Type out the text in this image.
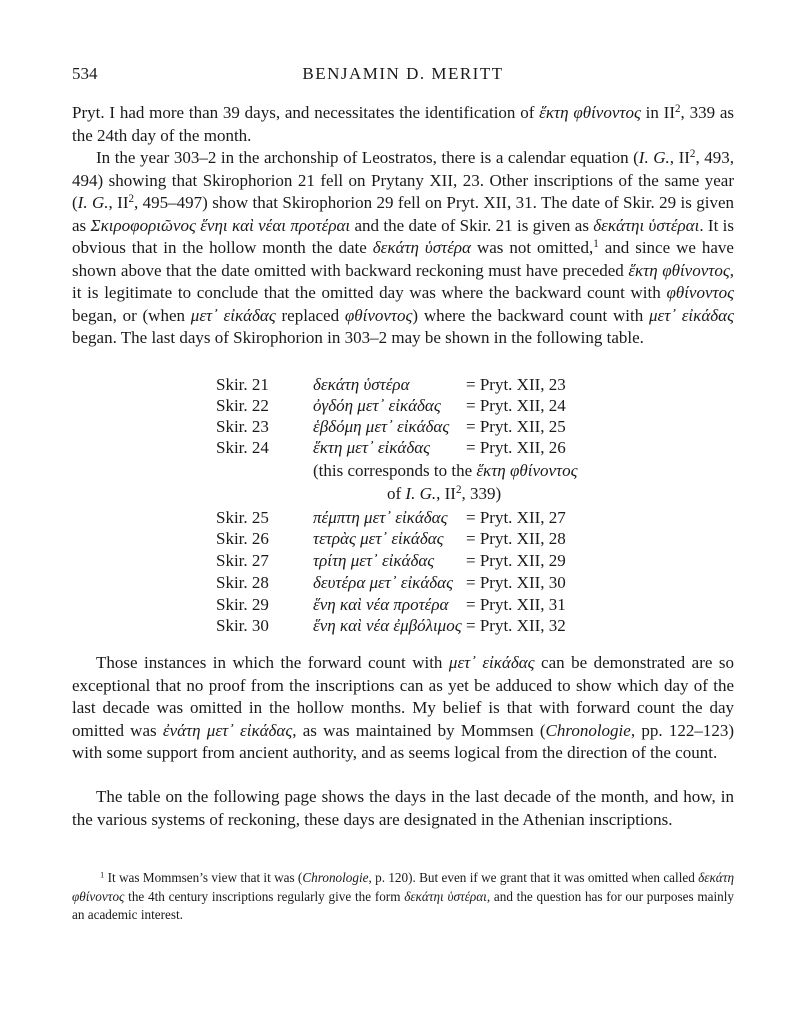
534	BENJAMIN D. MERITT

Pryt. I had more than 39 days, and necessitates the identification of ἕκτη φθίνοντος in $II^2$, 339 as the 24th day of the month.

In the year 303–2 in the archonship of Leostratos, there is a calendar equation (I. G., $II^2$, 493, 494) showing that Skirophorion 21 fell on Prytany XII, 23. Other inscriptions of the same year (I. G., $II^2$, 495–497) show that Skirophorion 29 fell on Pryt. XII, 31. The date of Skir. 29 is given as Σκιροφοριῶνος ἕνηι καὶ νέαι προτέραι and the date of Skir. 21 is given as δεκάτηι ὑστέραι. It is obvious that in the hollow month the date δεκάτη ὑστέρα was not omitted,$^1$ and since we have shown above that the date omitted with backward reckoning must have preceded ἕκτη φθίνοντος, it is legitimate to conclude that the omitted day was where the backward count with φθίνοντος began, or (when μετ᾽ εἰκάδας replaced φθίνοντος) where the backward count with μετ᾽ εἰκάδας began. The last days of Skirophorion in 303–2 may be shown in the following table.

Skir. 21	δεκάτη ὑστέρα	= Pryt. XII, 23
Skir. 22	ὀγδόη μετ᾽ εἰκάδας = Pryt. XII, 24
Skir. 23	ἑβδόμη μετ᾽ εἰκάδας = Pryt. XII, 25
Skir. 24	ἕκτη μετ᾽ εἰκάδας = Pryt. XII, 26
(this corresponds to the ἕκτη φθίνοντος
of I. G., $II^2$, 339)
Skir. 25	πέμπτη μετ᾽ εἰκάδας = Pryt. XII, 27
Skir. 26	τετρὰς μετ᾽ εἰκάδας = Pryt. XII, 28
Skir. 27	τρίτη μετ᾽ εἰκάδας = Pryt. XII, 29
Skir. 28	δευτέρα μετ᾽ εἰκάδας = Pryt. XII, 30
Skir. 29	ἕνη καὶ νέα προτέρα = Pryt. XII, 31
Skir. 30	ἕνη καὶ νέα ἐμβόλιμος = Pryt. XII, 32

Those instances in which the forward count with μετ᾽ εἰκάδας can be demonstrated are so exceptional that no proof from the inscriptions can as yet be adduced to show which day of the last decade was omitted in the hollow months. My belief is that with forward count the day omitted was ἐνάτη μετ᾽ εἰκάδας, as was maintained by Mommsen (Chronologie, pp. 122–123) with some support from ancient authority, and as seems logical from the direction of the count.

The table on the following page shows the days in the last decade of the month, and how, in the various systems of reckoning, these days are designated in the Athenian inscriptions.

$^1$ It was Mommsen’s view that it was (Chronologie, p. 120). But even if we grant that it was omitted when called δεκάτη φθίνοντος the 4th century inscriptions regularly give the form δεκάτηι ὑστέραι, and the question has for our purposes mainly an academic interest.
